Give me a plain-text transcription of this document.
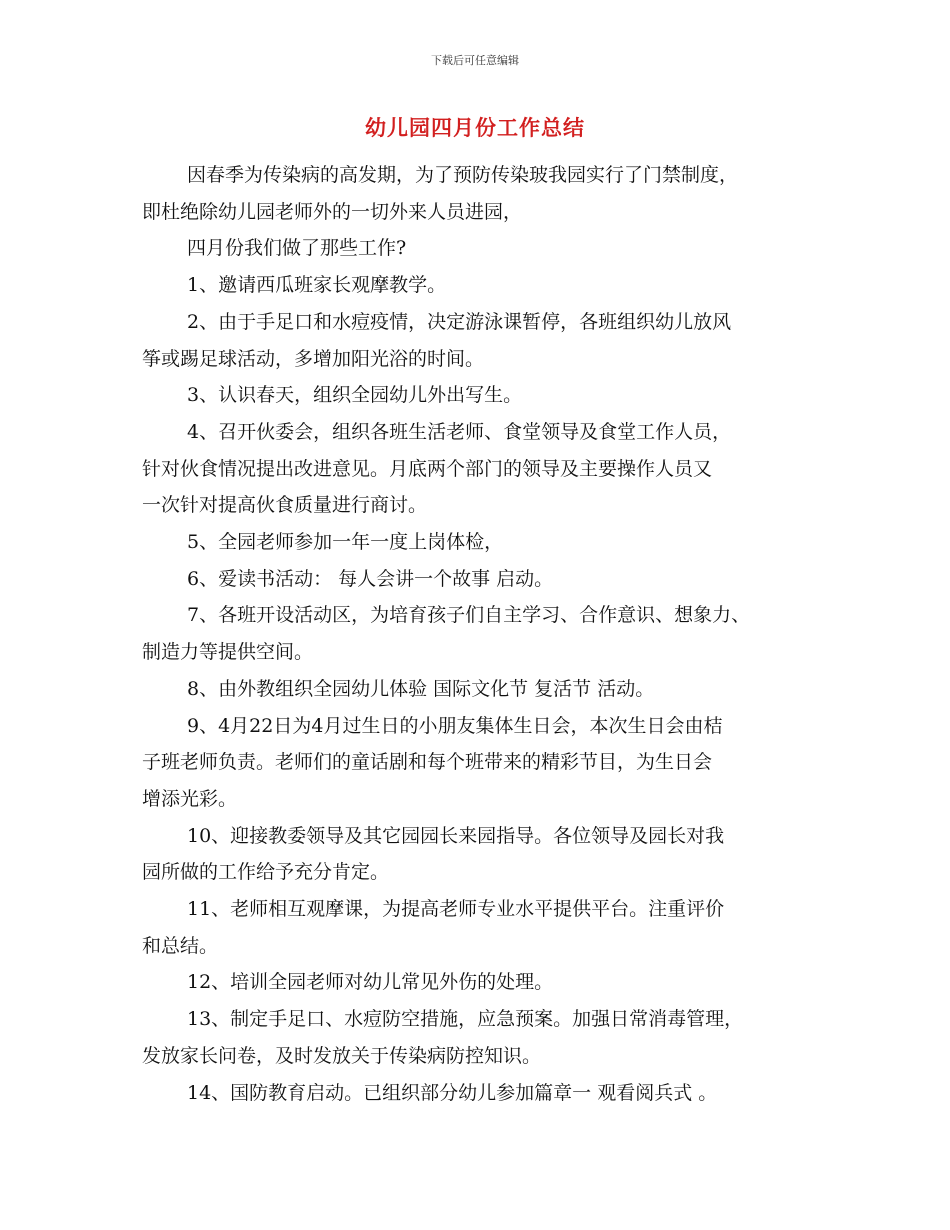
下载后可任意编辑
幼儿园四月份工作总结

因春季为传染病的高发期，为了预防传染玻我园实行了门禁制度，

即杜绝除幼儿园老师外的一切外来人员进园，

四月份我们做了那些工作?

1、邀请西瓜班家长观摩教学。

2、由于手足口和水痘疫情，决定游泳课暂停，各班组织幼儿放风

筝或踢足球活动，多增加阳光浴的时间。

3、认识春天，组织全园幼儿外出写生。

4、召开伙委会，组织各班生活老师、食堂领导及食堂工作人员，

针对伙食情况提出改进意见。月底两个部门的领导及主要操作人员又

一次针对提高伙食质量进行商讨。

5、全园老师参加一年一度上岗体检，

6、爱读书活动： 每人会讲一个故事 启动。

7、各班开设活动区，为培育孩子们自主学习、合作意识、想象力、

制造力等提供空间。

8、由外教组织全园幼儿体验 国际文化节 复活节 活动。

9、4月22日为4月过生日的小朋友集体生日会，本次生日会由桔

子班老师负责。老师们的童话剧和每个班带来的精彩节目，为生日会

增添光彩。

10、迎接教委领导及其它园园长来园指导。各位领导及园长对我

园所做的工作给予充分肯定。

11、老师相互观摩课，为提高老师专业水平提供平台。注重评价

和总结。

12、培训全园老师对幼儿常见外伤的处理。

13、制定手足口、水痘防空措施，应急预案。加强日常消毒管理，

发放家长问卷，及时发放关于传染病防控知识。

14、国防教育启动。已组织部分幼儿参加篇章一 观看阅兵式 。
